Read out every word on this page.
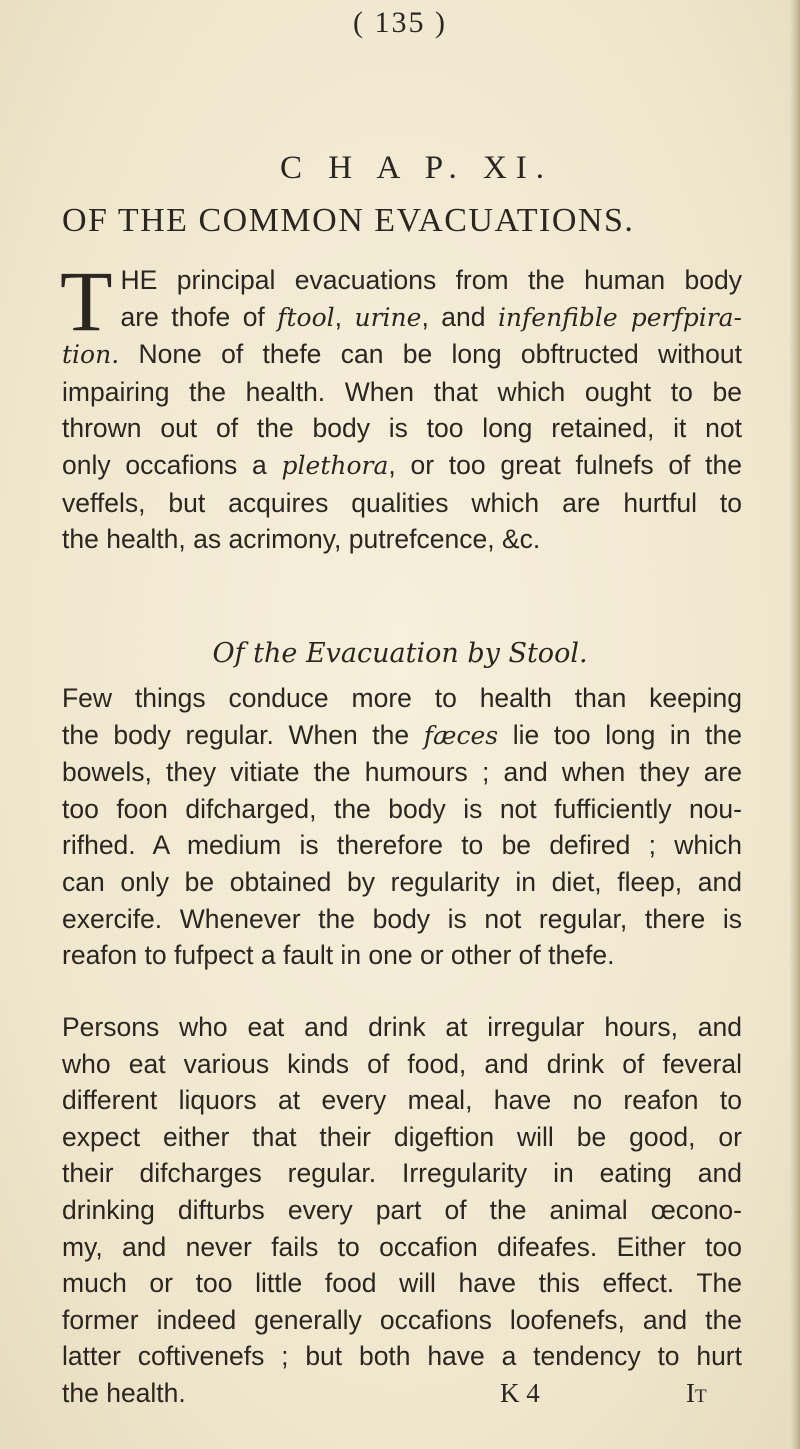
( 135 )
C H A P. XI.
OF THE COMMON EVACUATIONS.
T HE principal evacuations from the human body
are thofe of ftool, urine, and infenfible perfpira-
tion. None of thefe can be long obftructed without
impairing the health. When that which ought to be
thrown out of the body is too long retained, it not
only occafions a plethora, or too great fulnefs of the
veffels, but acquires qualities which are hurtful to
the health, as acrimony, putrefcence, &c.
Of the Evacuation by Stool.
Few things conduce more to health than keeping
the body regular. When the fæces lie too long in the
bowels, they vitiate the humours ; and when they are
too foon difcharged, the body is not fufficiently nou-
rifhed. A medium is therefore to be defired ; which
can only be obtained by regularity in diet, fleep, and
exercife. Whenever the body is not regular, there is
reafon to fufpect a fault in one or other of thefe.
Persons who eat and drink at irregular hours, and
who eat various kinds of food, and drink of feveral
different liquors at every meal, have no reafon to
expect either that their digeftion will be good, or
their difcharges regular. Irregularity in eating and
drinking difturbs every part of the animal œcono-
my, and never fails to occafion difeafes. Either too
much or too little food will have this effect. The
former indeed generally occafions loofenefs, and the
latter coftivenefs ; but both have a tendency to hurt
the health.	K 4	It
